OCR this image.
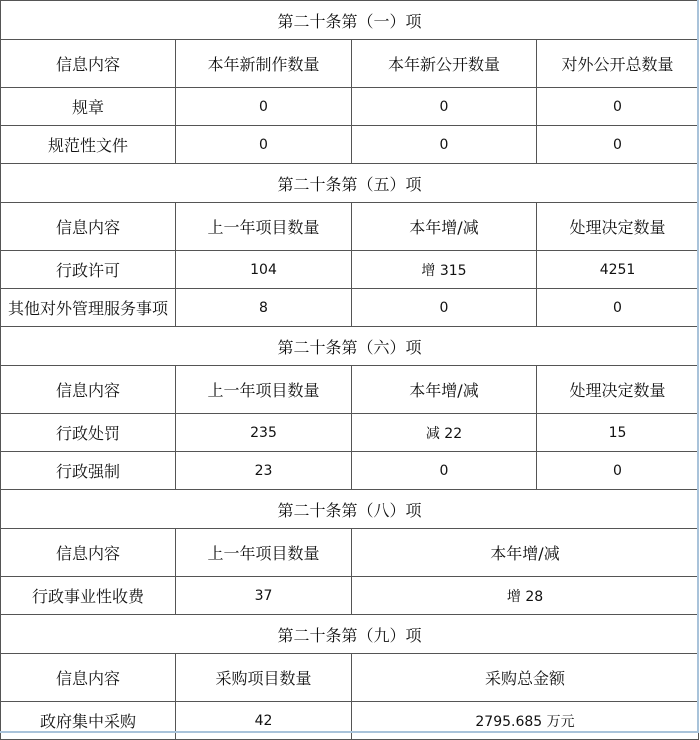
第二十条第（一）项			
信息内容	本年新制作数量	本年新公开数量	对外公开总数量
规章	0	0	0
规范性文件	0	0	0
第二十条第（五）项			
信息内容	上一年项目数量	本年增/减	处理决定数量
行政许可	104	增 315	4251
其他对外管理服务事项	8	0	0
第二十条第（六）项			
信息内容	上一年项目数量	本年增/减	处理决定数量
行政处罚	235	减 22	15
行政强制	23	0	0
第二十条第（八）项			
信息内容	上一年项目数量	本年增/减	
行政事业性收费	37	增 28	
第二十条第（九）项			
信息内容	采购项目数量	采购总金额	
政府集中采购	42	2795.685 万元	
